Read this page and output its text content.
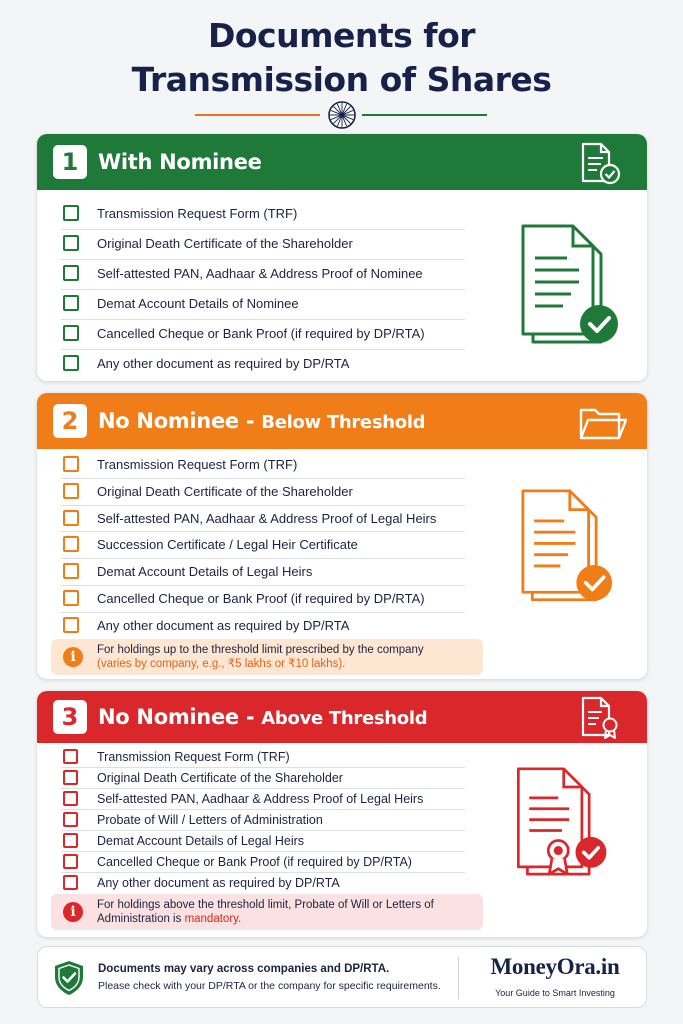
Documents for
Transmission of Shares
1 With Nominee
Transmission Request Form (TRF)
Original Death Certificate of the Shareholder
Self-attested PAN, Aadhaar & Address Proof of Nominee
Demat Account Details of Nominee
Cancelled Cheque or Bank Proof (if required by DP/RTA)
Any other document as required by DP/RTA
2 No Nominee - Below Threshold
Transmission Request Form (TRF)
Original Death Certificate of the Shareholder
Self-attested PAN, Aadhaar & Address Proof of Legal Heirs
Succession Certificate / Legal Heir Certificate
Demat Account Details of Legal Heirs
Cancelled Cheque or Bank Proof (if required by DP/RTA)
Any other document as required by DP/RTA
i	For holdings up to the threshold limit prescribed by the company
(varies by company, e.g., ₹5 lakhs or ₹10 lakhs).
3 No Nominee - Above Threshold
Transmission Request Form (TRF)
Original Death Certificate of the Shareholder
Self-attested PAN, Aadhaar & Address Proof of Legal Heirs
Probate of Will / Letters of Administration
Demat Account Details of Legal Heirs
Cancelled Cheque or Bank Proof (if required by DP/RTA)
Any other document as required by DP/RTA
i	For holdings above the threshold limit, Probate of Will or Letters of Administration is mandatory.
Documents may vary across companies and DP/RTA.
Please check with your DP/RTA or the company for specific requirements.
MoneyOra.in
Your Guide to Smart Investing
